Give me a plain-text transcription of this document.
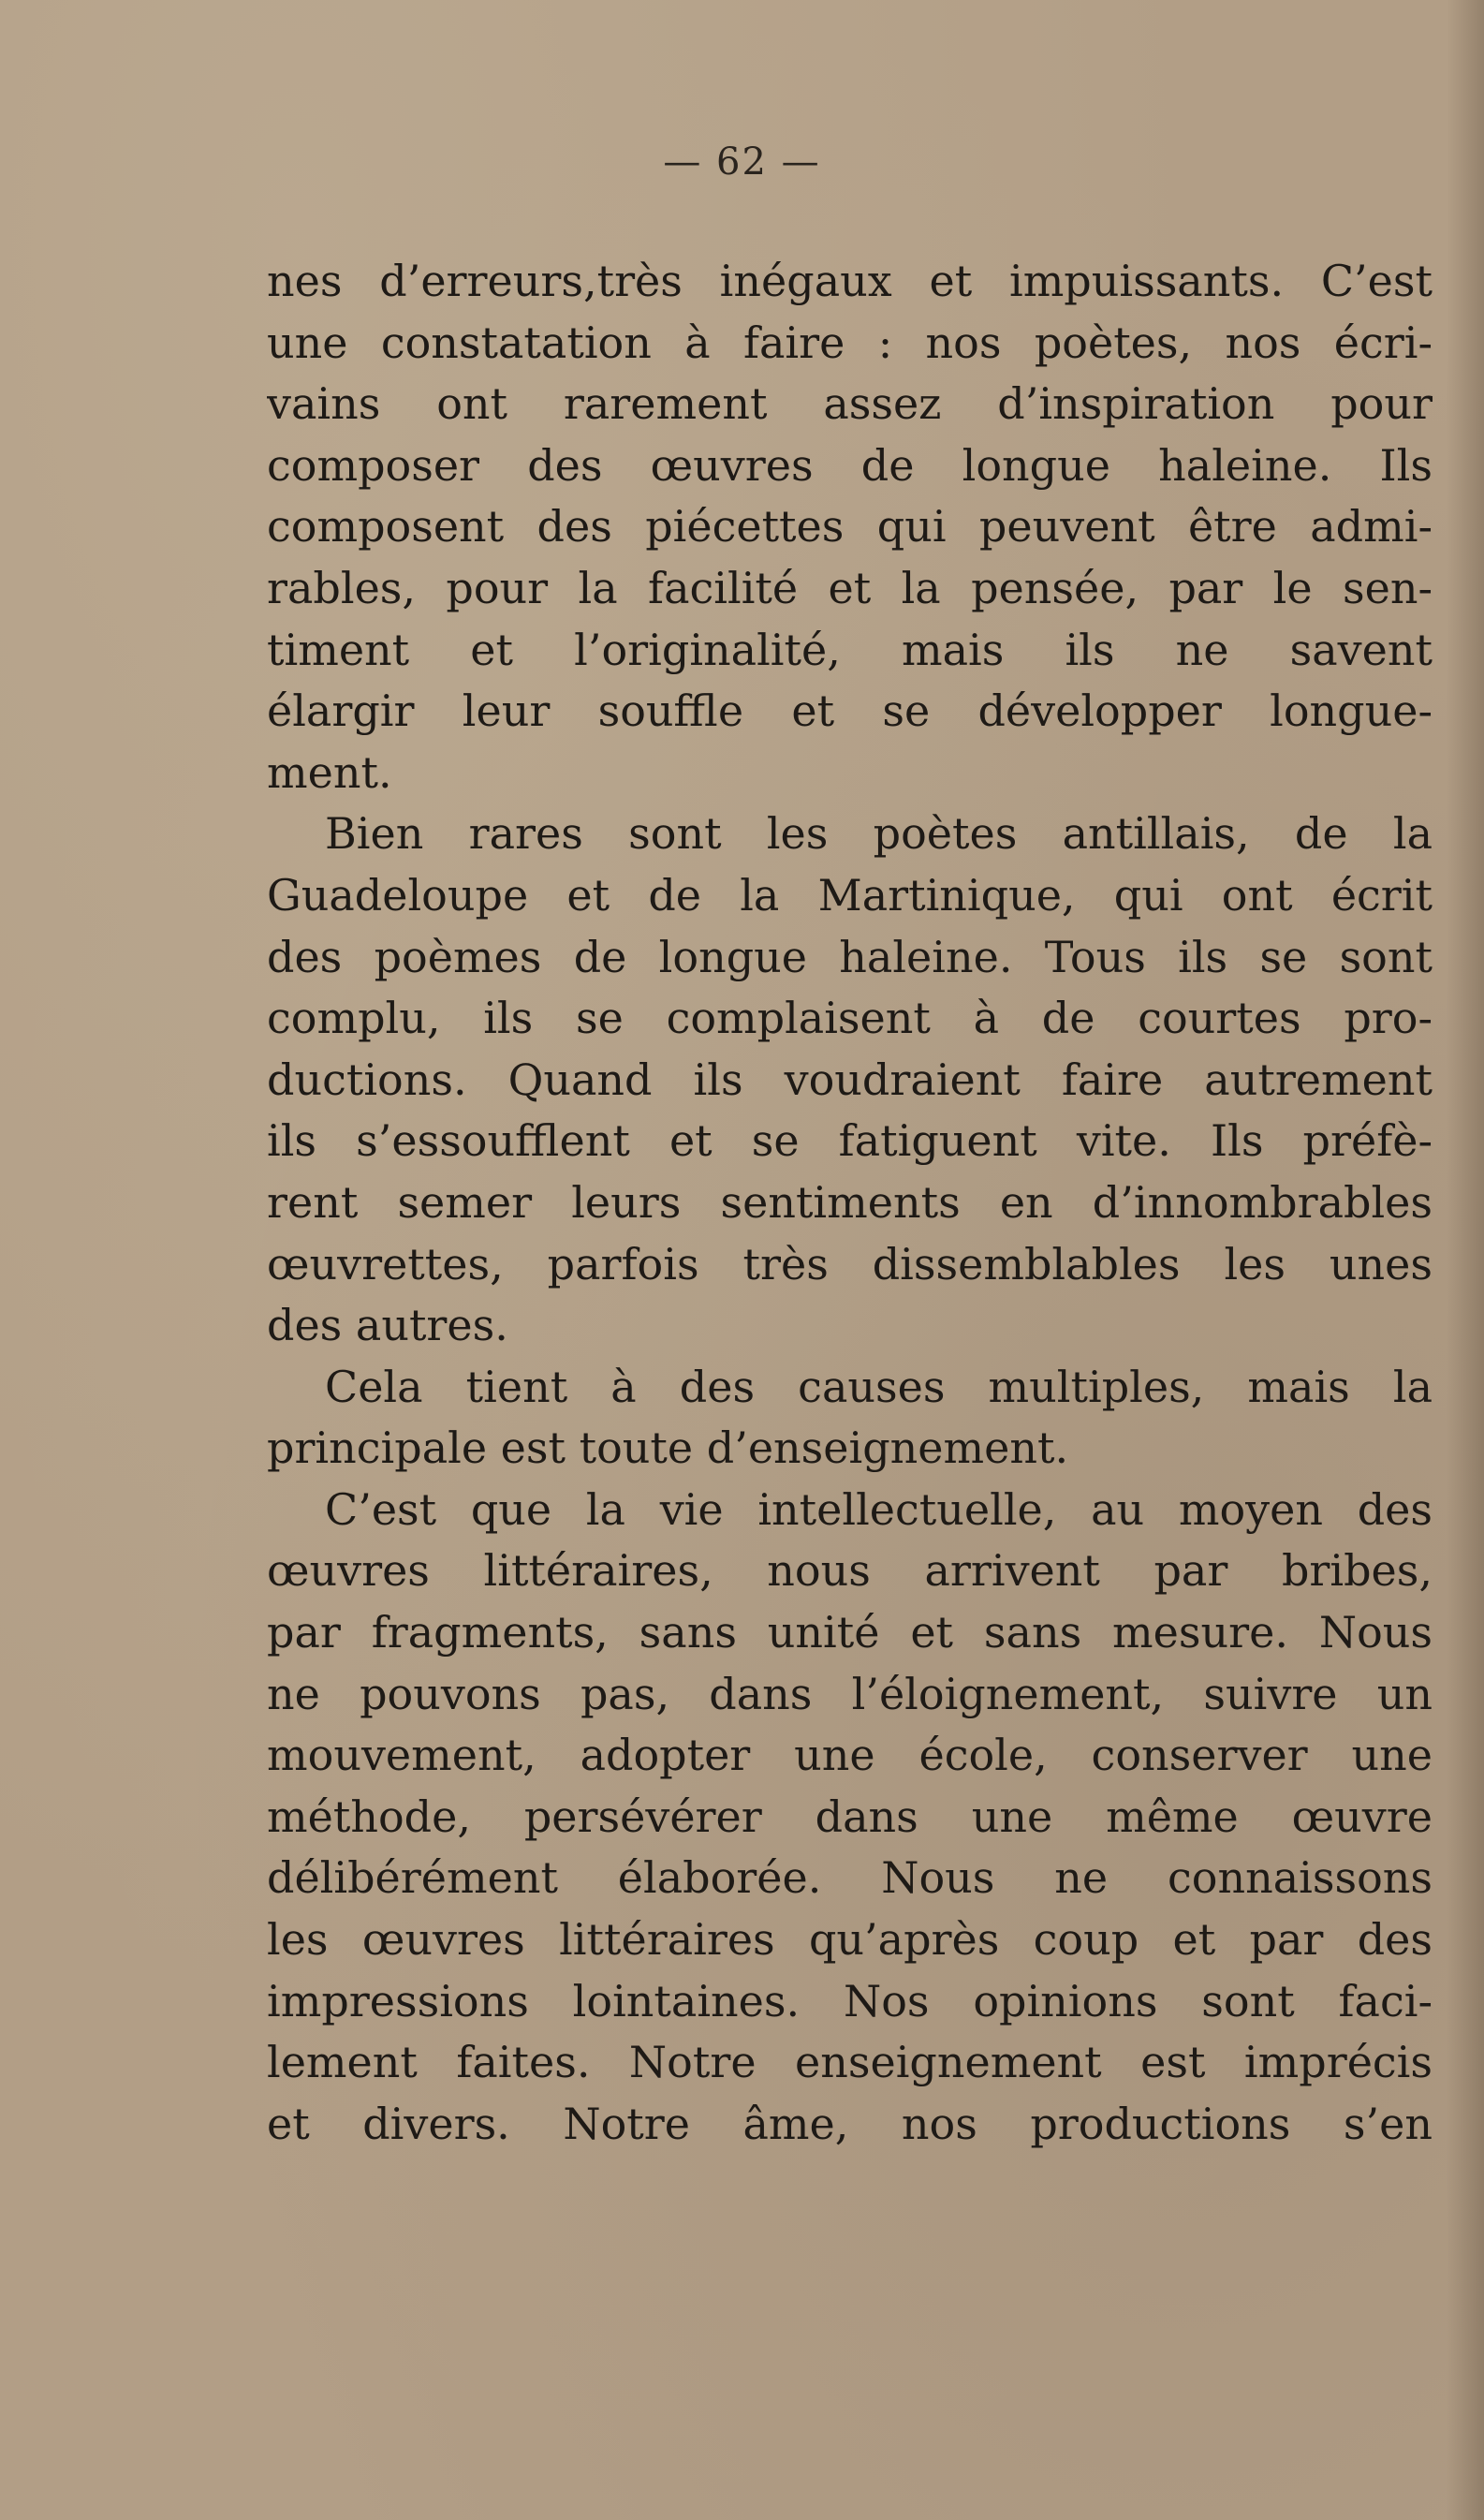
— 62 —
nes d’erreurs,très inégaux et impuissants. C’est
une constatation à faire : nos poètes, nos écri-
vains ont rarement assez d’inspiration pour
composer des œuvres de longue haleine. Ils
composent des piécettes qui peuvent être admi-
rables, pour la facilité et la pensée, par le sen-
timent et l’originalité, mais ils ne savent
élargir leur souffle et se développer longue-
ment.
Bien rares sont les poètes antillais, de la
Guadeloupe et de la Martinique, qui ont écrit
des poèmes de longue haleine. Tous ils se sont
complu, ils se complaisent à de courtes pro-
ductions. Quand ils voudraient faire autrement
ils s’essoufflent et se fatiguent vite. Ils préfè-
rent semer leurs sentiments en d’innombrables
œuvrettes, parfois très dissemblables les unes
des autres.
Cela tient à des causes multiples, mais la
principale est toute d’enseignement.
C’est que la vie intellectuelle, au moyen des
œuvres littéraires, nous arrivent par bribes,
par fragments, sans unité et sans mesure. Nous
ne pouvons pas, dans l’éloignement, suivre un
mouvement, adopter une école, conserver une
méthode, persévérer dans une même œuvre
délibérément élaborée. Nous ne connaissons
les œuvres littéraires qu’après coup et par des
impressions lointaines. Nos opinions sont faci-
lement faites. Notre enseignement est imprécis
et divers. Notre âme, nos productions s’en
